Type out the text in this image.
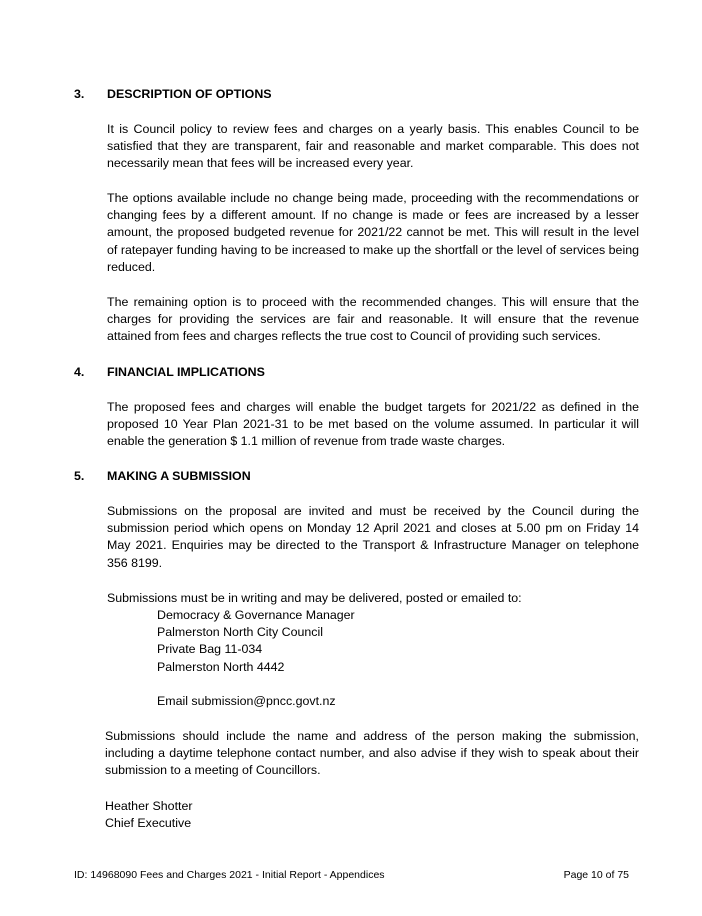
3. DESCRIPTION OF OPTIONS
It is Council policy to review fees and charges on a yearly basis. This enables Council to be satisfied that they are transparent, fair and reasonable and market comparable. This does not necessarily mean that fees will be increased every year.
The options available include no change being made, proceeding with the recommendations or changing fees by a different amount. If no change is made or fees are increased by a lesser amount, the proposed budgeted revenue for 2021/22 cannot be met. This will result in the level of ratepayer funding having to be increased to make up the shortfall or the level of services being reduced.
The remaining option is to proceed with the recommended changes. This will ensure that the charges for providing the services are fair and reasonable. It will ensure that the revenue attained from fees and charges reflects the true cost to Council of providing such services.
4. FINANCIAL IMPLICATIONS
The proposed fees and charges will enable the budget targets for 2021/22 as defined in the proposed 10 Year Plan 2021-31 to be met based on the volume assumed. In particular it will enable the generation $ 1.1 million of revenue from trade waste charges.
5. MAKING A SUBMISSION
Submissions on the proposal are invited and must be received by the Council during the submission period which opens on Monday 12 April 2021 and closes at 5.00 pm on Friday 14 May 2021. Enquiries may be directed to the Transport & Infrastructure Manager on telephone 356 8199.
Submissions must be in writing and may be delivered, posted or emailed to:
Democracy & Governance Manager
Palmerston North City Council
Private Bag 11-034
Palmerston North 4442
Email submission@pncc.govt.nz
Submissions should include the name and address of the person making the submission, including a daytime telephone contact number, and also advise if they wish to speak about their submission to a meeting of Councillors.
Heather Shotter
Chief Executive
ID: 14968090 Fees and Charges 2021 - Initial Report - Appendices	Page 10 of 75
